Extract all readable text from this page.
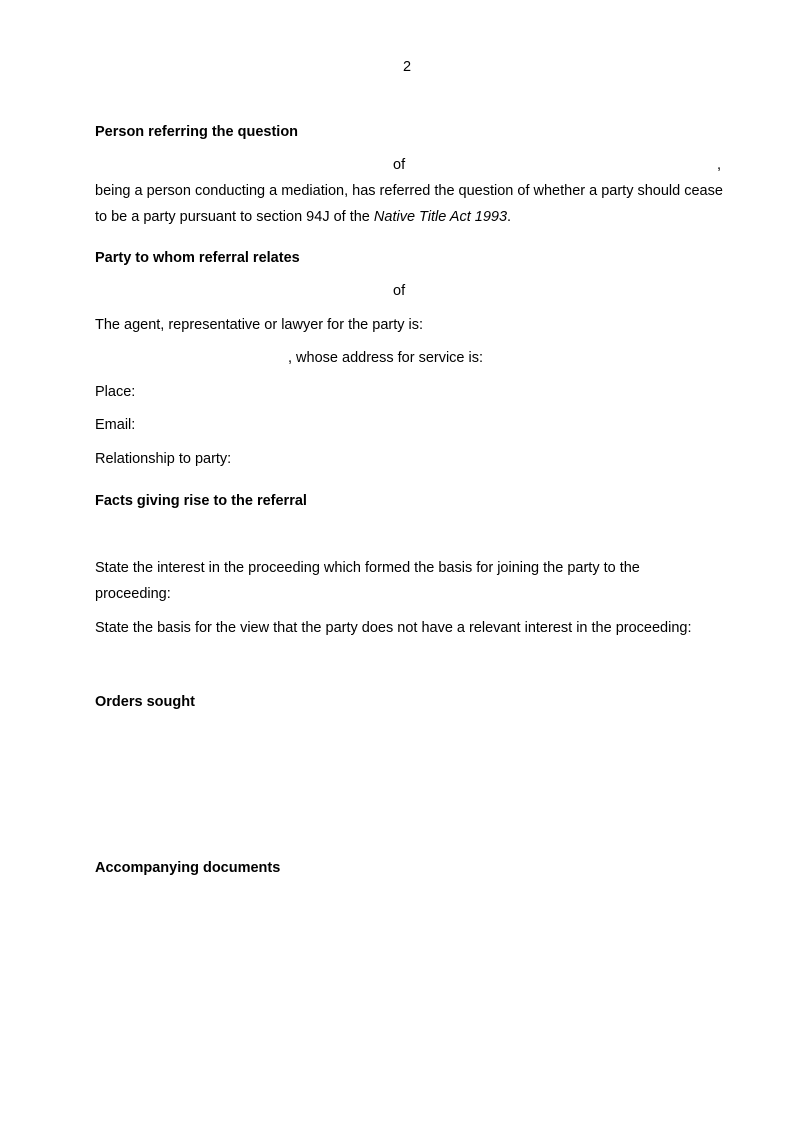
2
Person referring the question
of	,
being a person conducting a mediation, has referred the question of whether a party should cease to be a party pursuant to section 94J of the Native Title Act 1993.
Party to whom referral relates
of
The agent, representative or lawyer for the party is:
, whose address for service is:
Place:
Email:
Relationship to party:
Facts giving rise to the referral
State the interest in the proceeding which formed the basis for joining the party to the proceeding:
State the basis for the view that the party does not have a relevant interest in the proceeding:
Orders sought
Accompanying documents
